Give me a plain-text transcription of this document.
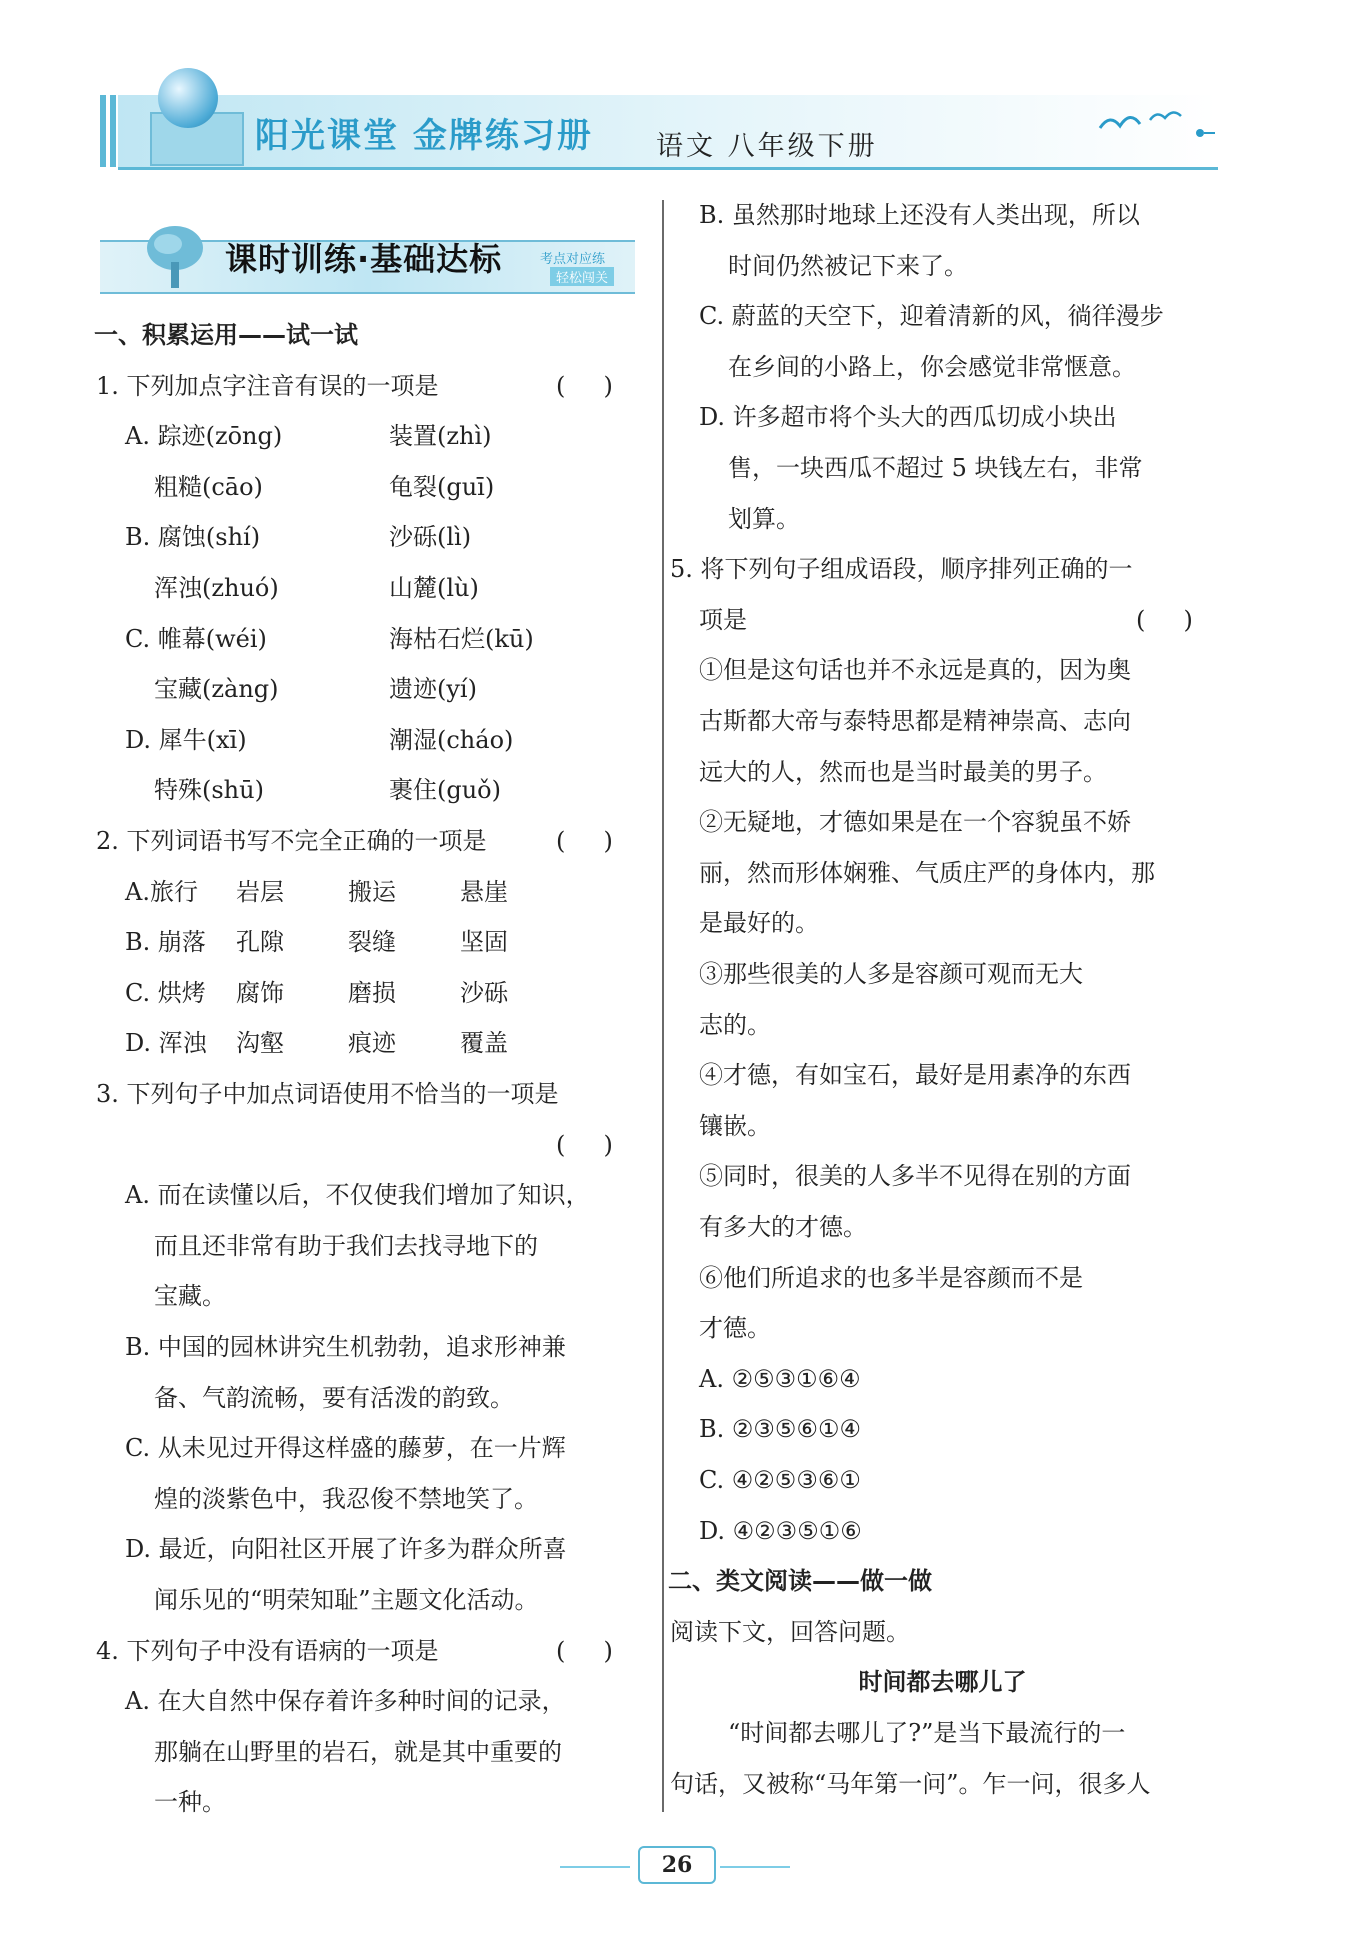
阳光课堂 金牌练习册 语文 八年级下册
课时训练·基础达标	考点对应练
轻松闯关
一、积累运用——试一试
1. 下列加点字注音有误的一项是	(     )
A. 踪迹(zōng)	装置(zhì)
粗糙(cāo)	龟裂(guī)
B. 腐蚀(shí)	沙砾(lì)
浑浊(zhuó)	山麓(lù)
C. 帷幕(wéi)	海枯石烂(kū)
宝藏(zàng)	遗迹(yí)
D. 犀牛(xī)	潮湿(cháo)
特殊(shū)	裹住(guǒ)
2. 下列词语书写不完全正确的一项是	(     )
A.旅行 岩层	搬运	悬崖
B. 崩落 孔隙	裂缝	坚固
C. 烘烤 腐饰	磨损	沙砾
D. 浑浊 沟壑	痕迹	覆盖
3. 下列句子中加点词语使用不恰当的一项是
(     )
A. 而在读懂以后，不仅使我们增加了知识，
而且还非常有助于我们去找寻地下的
宝藏。
B. 中国的园林讲究生机勃勃，追求形神兼
备、气韵流畅，要有活泼的韵致。
C. 从未见过开得这样盛的藤萝，在一片辉
煌的淡紫色中，我忍俊不禁地笑了。
D. 最近，向阳社区开展了许多为群众所喜
闻乐见的“明荣知耻”主题文化活动。
4. 下列句子中没有语病的一项是	(     )
A. 在大自然中保存着许多种时间的记录，
那躺在山野里的岩石，就是其中重要的
一种。
B. 虽然那时地球上还没有人类出现，所以
时间仍然被记下来了。
C. 蔚蓝的天空下，迎着清新的风，徜徉漫步
在乡间的小路上，你会感觉非常惬意。
D. 许多超市将个头大的西瓜切成小块出
售，一块西瓜不超过 5 块钱左右，非常
划算。
5. 将下列句子组成语段，顺序排列正确的一
项是	(     )
①但是这句话也并不永远是真的，因为奥
古斯都大帝与泰特思都是精神崇高、志向
远大的人，然而也是当时最美的男子。
②无疑地，才德如果是在一个容貌虽不娇
丽，然而形体娴雅、气质庄严的身体内，那
是最好的。
③那些很美的人多是容颜可观而无大
志的。
④才德，有如宝石，最好是用素净的东西
镶嵌。
⑤同时，很美的人多半不见得在别的方面
有多大的才德。
⑥他们所追求的也多半是容颜而不是
才德。
A. ②⑤③①⑥④
B. ②③⑤⑥①④
C. ④②⑤③⑥①
D. ④②③⑤①⑥
二、类文阅读——做一做
阅读下文，回答问题。
时间都去哪儿了
“时间都去哪儿了?”是当下最流行的一
句话，又被称“马年第一问”。乍一问，很多人
26
